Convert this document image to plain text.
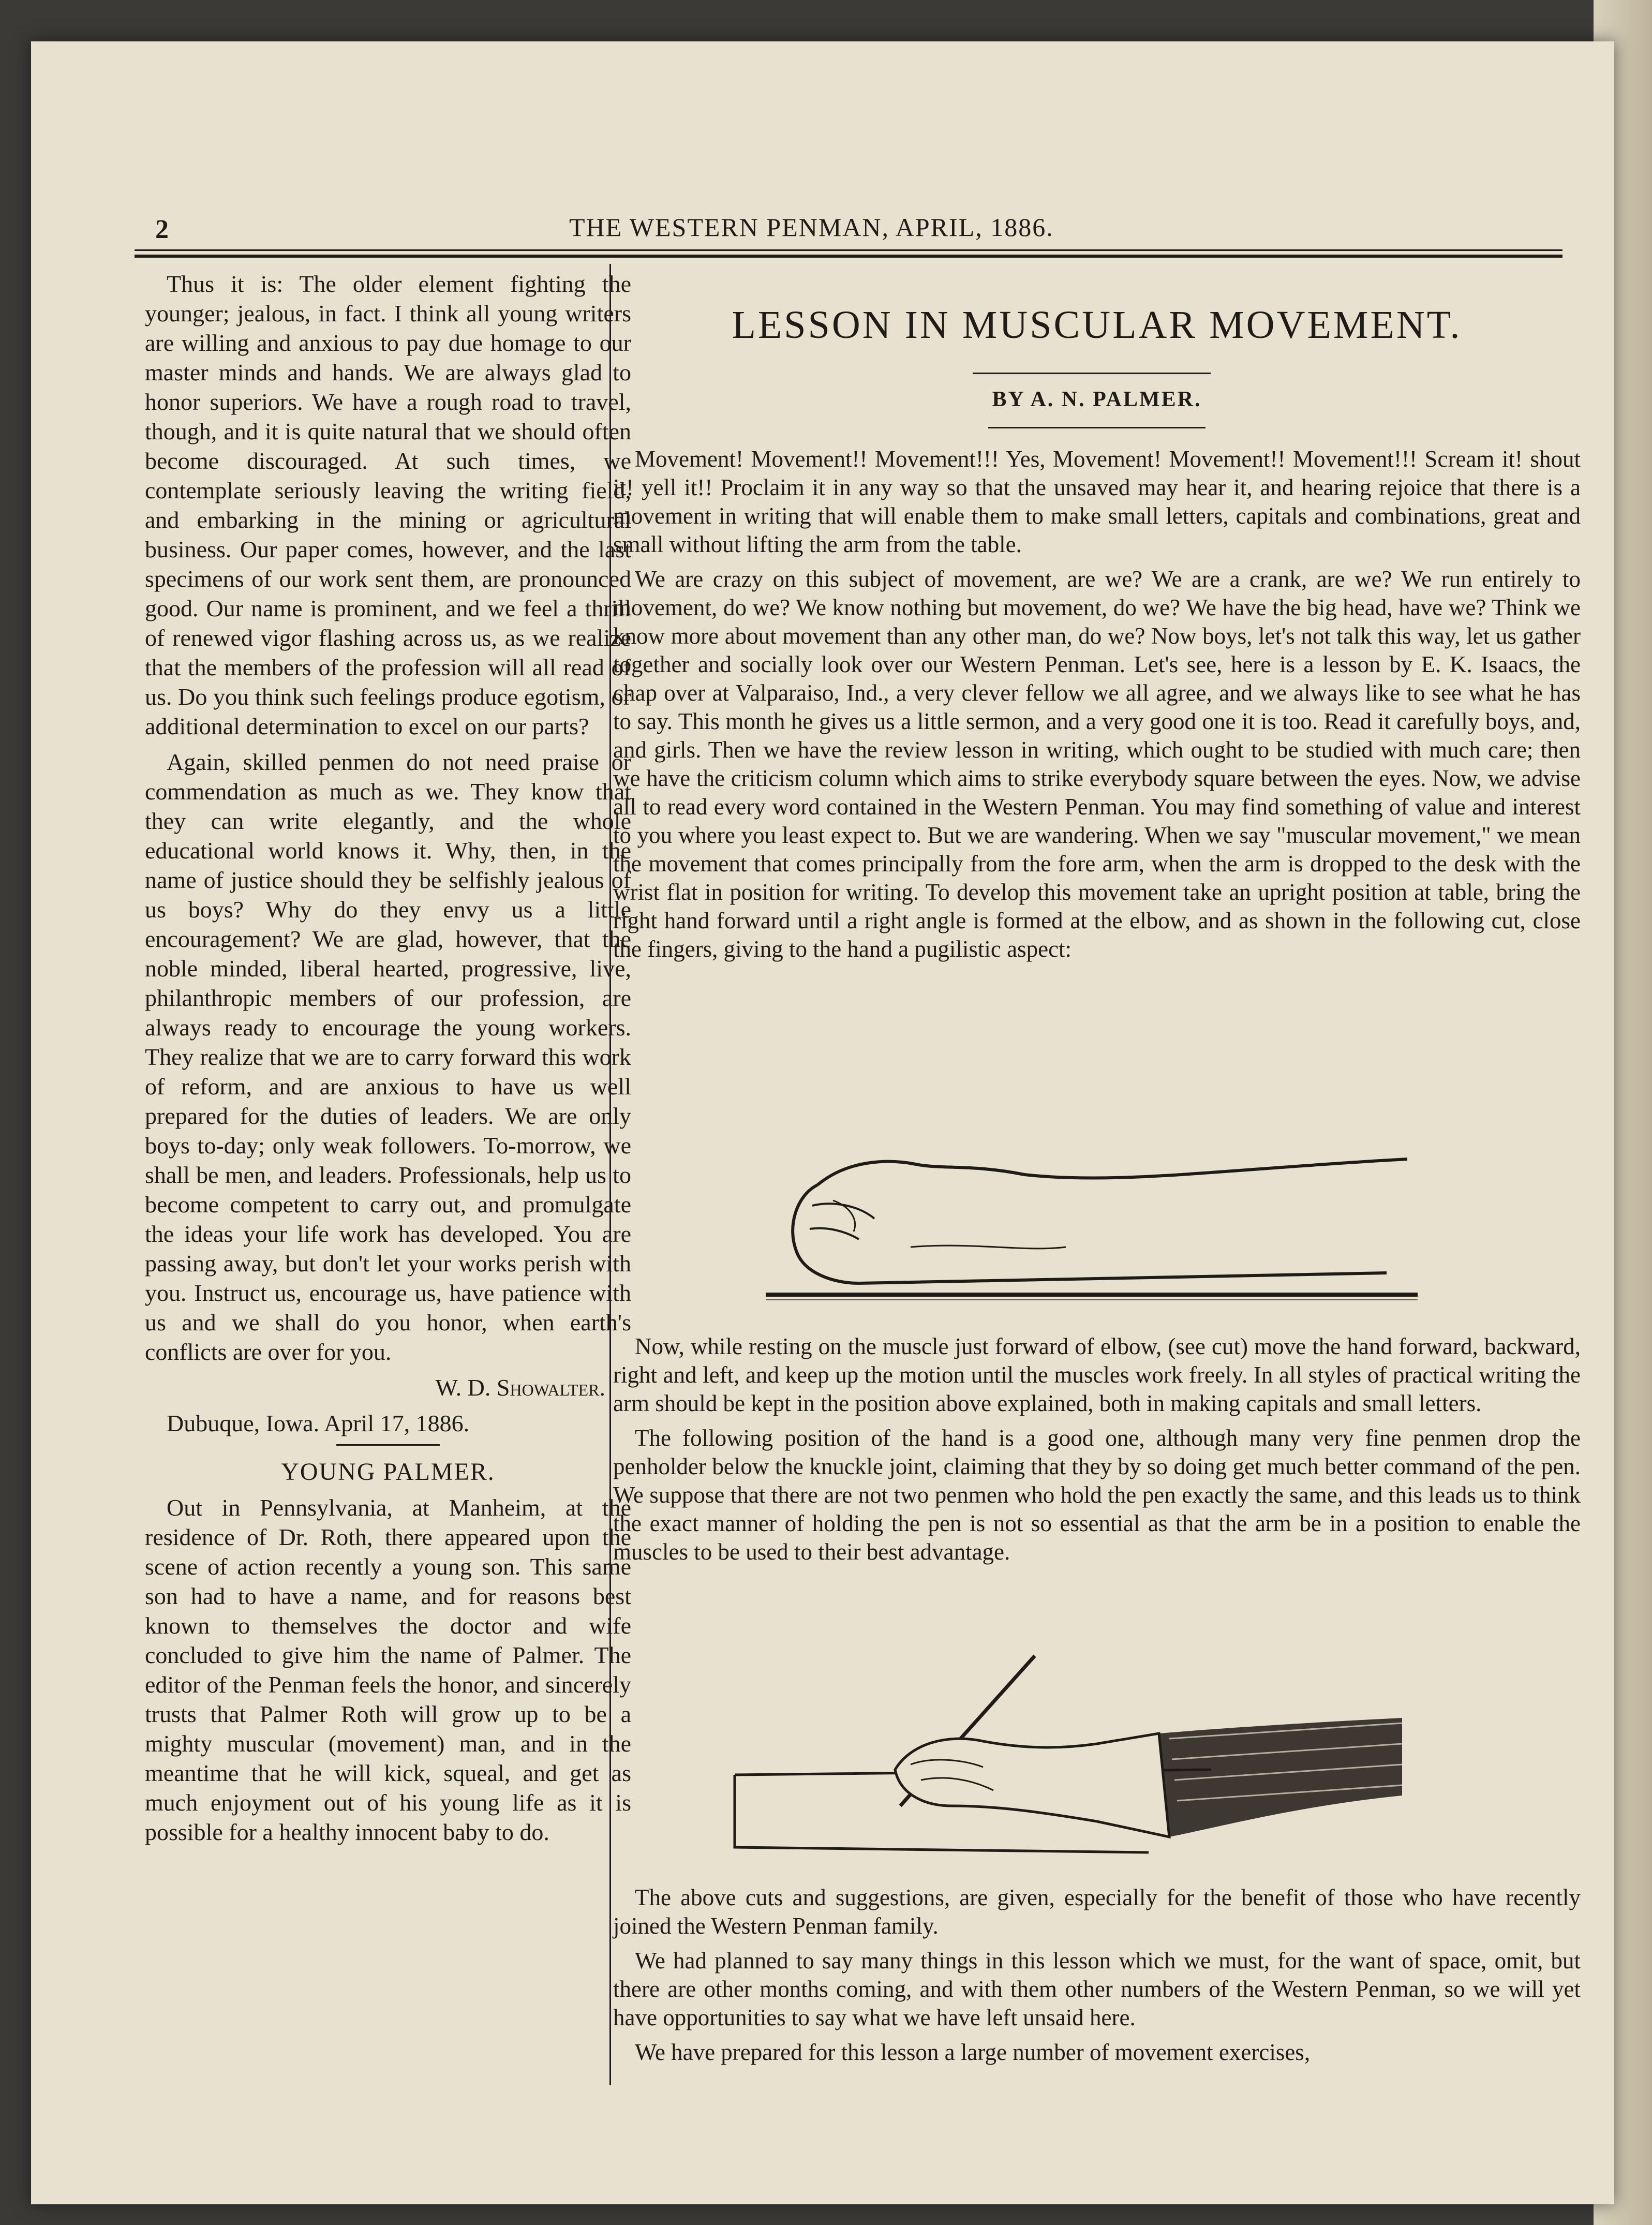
2	THE WESTERN PENMAN, APRIL, 1886.

Thus it is: The older element fighting the younger; jealous, in fact. I think all young writers are willing and anxious to pay due homage to our master minds and hands. We are always glad to honor superiors. We have a rough road to travel, though, and it is quite natural that we should often become discouraged. At such times, we contemplate seriously leaving the writing field, and embarking in the mining or agricultural business. Our paper comes, however, and the last specimens of our work sent them, are pronounced good. Our name is prominent, and we feel a thrill of renewed vigor flashing across us, as we realize that the members of the profession will all read of us. Do you think such feelings produce egotism, or additional determination to excel on our parts?

Again, skilled penmen do not need praise or commendation as much as we. They know that they can write elegantly, and the whole educational world knows it. Why, then, in the name of justice should they be selfishly jealous of us boys? Why do they envy us a little encouragement? We are glad, however, that the noble minded, liberal hearted, progressive, live, philanthropic members of our profession, are always ready to encourage the young workers. They realize that we are to carry forward this work of reform, and are anxious to have us well prepared for the duties of leaders. We are only boys to-day; only weak followers. To-morrow, we shall be men, and leaders. Professionals, help us to become competent to carry out, and promulgate the ideas your life work has developed. You are passing away, but don't let your works perish with you. Instruct us, encourage us, have patience with us and we shall do you honor, when earth's conflicts are over for you.

W. D. Showalter.

Dubuque, Iowa. April 17, 1886.

YOUNG PALMER.

Out in Pennsylvania, at Manheim, at the residence of Dr. Roth, there appeared upon the scene of action recently a young son. This same son had to have a name, and for reasons best known to themselves the doctor and wife concluded to give him the name of Palmer. The editor of the Penman feels the honor, and sincerely trusts that Palmer Roth will grow up to be a mighty muscular (movement) man, and in the meantime that he will kick, squeal, and get as much enjoyment out of his young life as it is possible for a healthy innocent baby to do.

LESSON IN MUSCULAR MOVEMENT.
BY A. N. PALMER.

Movement! Movement!! Movement!!! Yes, Movement! Movement!! Movement!!! Scream it! shout it! yell it!! Proclaim it in any way so that the unsaved may hear it, and hearing rejoice that there is a movement in writing that will enable them to make small letters, capitals and combinations, great and small without lifting the arm from the table.

We are crazy on this subject of movement, are we? We are a crank, are we? We run entirely to movement, do we? We know nothing but movement, do we? We have the big head, have we? Think we know more about movement than any other man, do we? Now boys, let's not talk this way, let us gather together and socially look over our Western Penman. Let's see, here is a lesson by E. K. Isaacs, the chap over at Valparaiso, Ind., a very clever fellow we all agree, and we always like to see what he has to say. This month he gives us a little sermon, and a very good one it is too. Read it carefully boys, and, and girls. Then we have the review lesson in writing, which ought to be studied with much care; then we have the criticism column which aims to strike everybody square between the eyes. Now, we advise all to read every word contained in the Western Penman. You may find something of value and interest to you where you least expect to. But we are wandering. When we say "muscular movement," we mean the movement that comes principally from the fore arm, when the arm is dropped to the desk with the wrist flat in position for writing. To develop this movement take an upright position at table, bring the right hand forward until a right angle is formed at the elbow, and as shown in the following cut, close the fingers, giving to the hand a pugilistic aspect:

Now, while resting on the muscle just forward of elbow, (see cut) move the hand forward, backward, right and left, and keep up the motion until the muscles work freely. In all styles of practical writing the arm should be kept in the position above explained, both in making capitals and small letters.

The following position of the hand is a good one, although many very fine penmen drop the penholder below the knuckle joint, claiming that they by so doing get much better command of the pen. We suppose that there are not two penmen who hold the pen exactly the same, and this leads us to think the exact manner of holding the pen is not so essential as that the arm be in a position to enable the muscles to be used to their best advantage.

The above cuts and suggestions, are given, especially for the benefit of those who have recently joined the Western Penman family.

We had planned to say many things in this lesson which we must, for the want of space, omit, but there are other months coming, and with them other numbers of the Western Penman, so we will yet have opportunities to say what we have left unsaid here.

We have prepared for this lesson a large number of movement exercises,
